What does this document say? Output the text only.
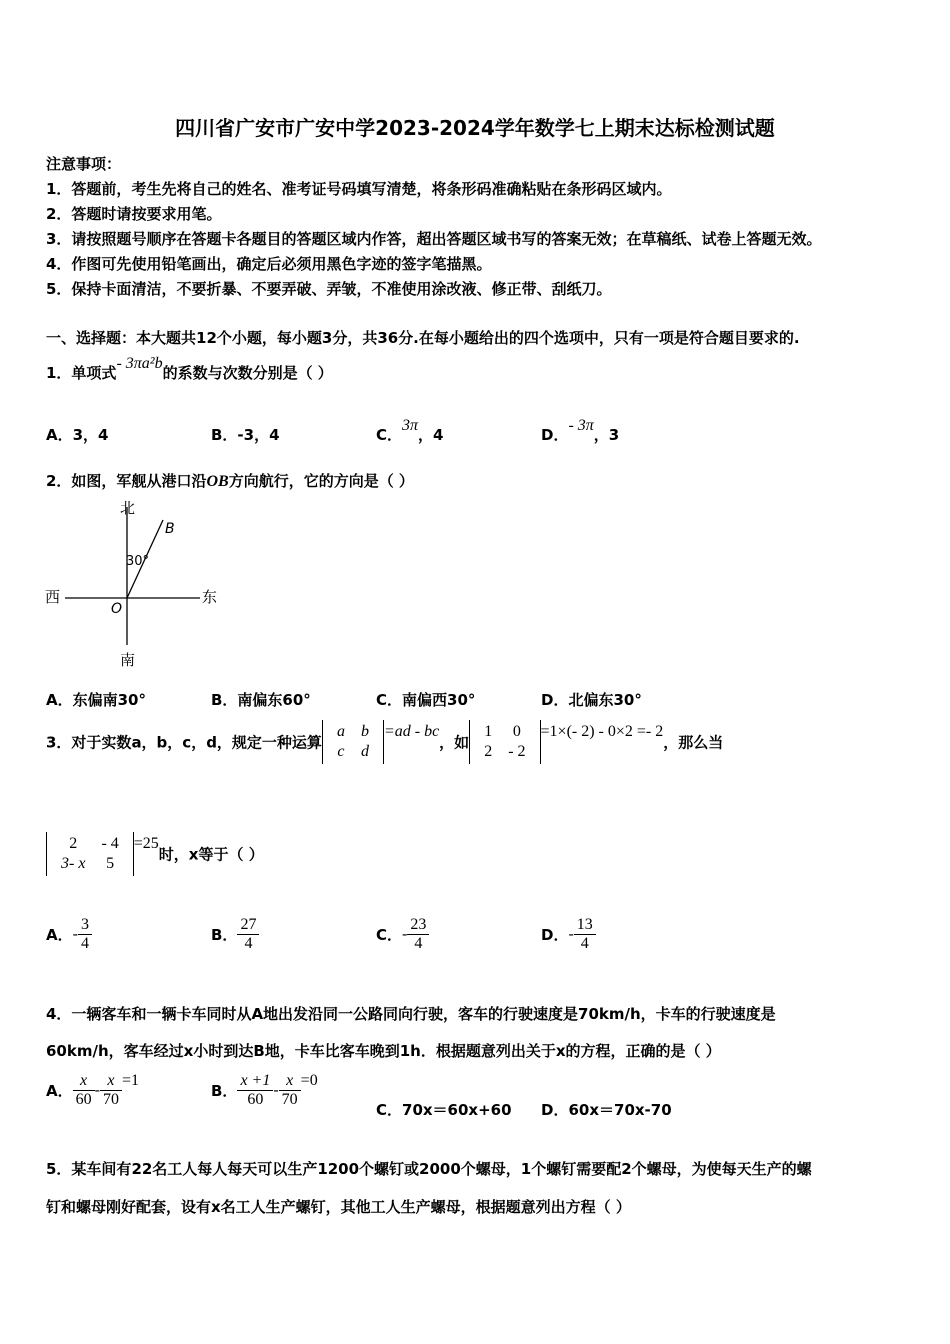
四川省广安市广安中学2023-2024学年数学七上期末达标检测试题
注意事项：
1．答题前，考生先将自己的姓名、准考证号码填写清楚，将条形码准确粘贴在条形码区域内。
2．答题时请按要求用笔。
3．请按照题号顺序在答题卡各题目的答题区域内作答，超出答题区域书写的答案无效；在草稿纸、试卷上答题无效。
4．作图可先使用铅笔画出，确定后必须用黑色字迹的签字笔描黑。
5．保持卡面清洁，不要折暴、不要弄破、弄皱，不准使用涂改液、修正带、刮纸刀。
一、选择题：本大题共12个小题，每小题3分，共36分.在每小题给出的四个选项中，只有一项是符合题目要求的.
1．单项式- 3πa²b的系数与次数分别是（ ）
A．3，4	B．-3，4	C．3π，4	D．- 3π，3
2．如图，军舰从港口沿OB方向航行，它的方向是（ ）
北
南
西	东
O
B
30°
A．东偏南30°	B．南偏东60°	C．南偏西30°	D．北偏东30°
3．对于实数a，b，c，d，规定一种运算
a	b
c	d
=ad - bc，如
1	0
2	- 2
=1×(- 2) - 0×2 =- 2，那么当
2	- 4
3- x	5
=25时，x等于（ ）
A．- $\frac{3}{4}$	B． $\frac{27}{4}$	C．- $\frac{23}{4}$	D．- $\frac{13}{4}$
4．一辆客车和一辆卡车同时从A地出发沿同一公路同向行驶，客车的行驶速度是70km/h，卡车的行驶速度是
60km/h，客车经过x小时到达B地，卡车比客车晚到1h．根据题意列出关于x的方程，正确的是（ ）
A． $\frac{x}{60} - \frac{x}{70} =1$
B． $\frac{x +1}{60} - \frac{x}{70} =0$
C．70x＝60x+60 D．60x＝70x-70
5．某车间有22名工人每人每天可以生产1200个螺钉或2000个螺母，1个螺钉需要配2个螺母，为使每天生产的螺
钉和螺母刚好配套，设有x名工人生产螺钉，其他工人生产螺母，根据题意列出方程（ ）
